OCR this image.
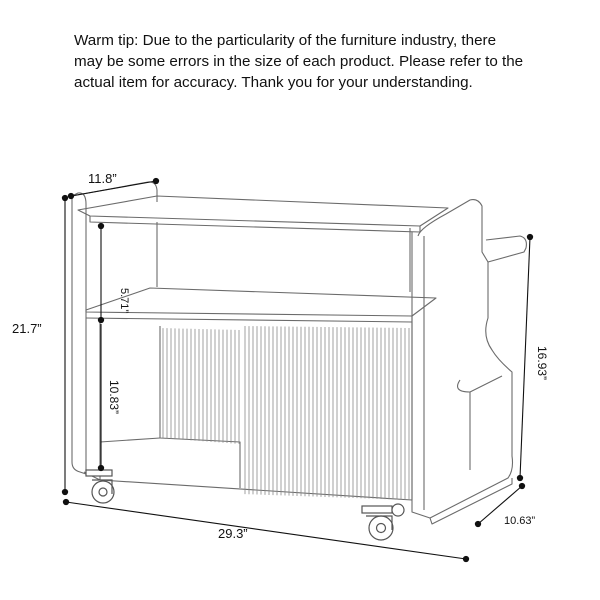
Warm tip: Due to the particularity of the furniture industry, there
may be some errors in the size of each product. Please refer to the
actual item for accuracy. Thank you for your understanding.

11.8”
21.7”
5.71”
10.83”
16.93”
29.3”
10.63”
